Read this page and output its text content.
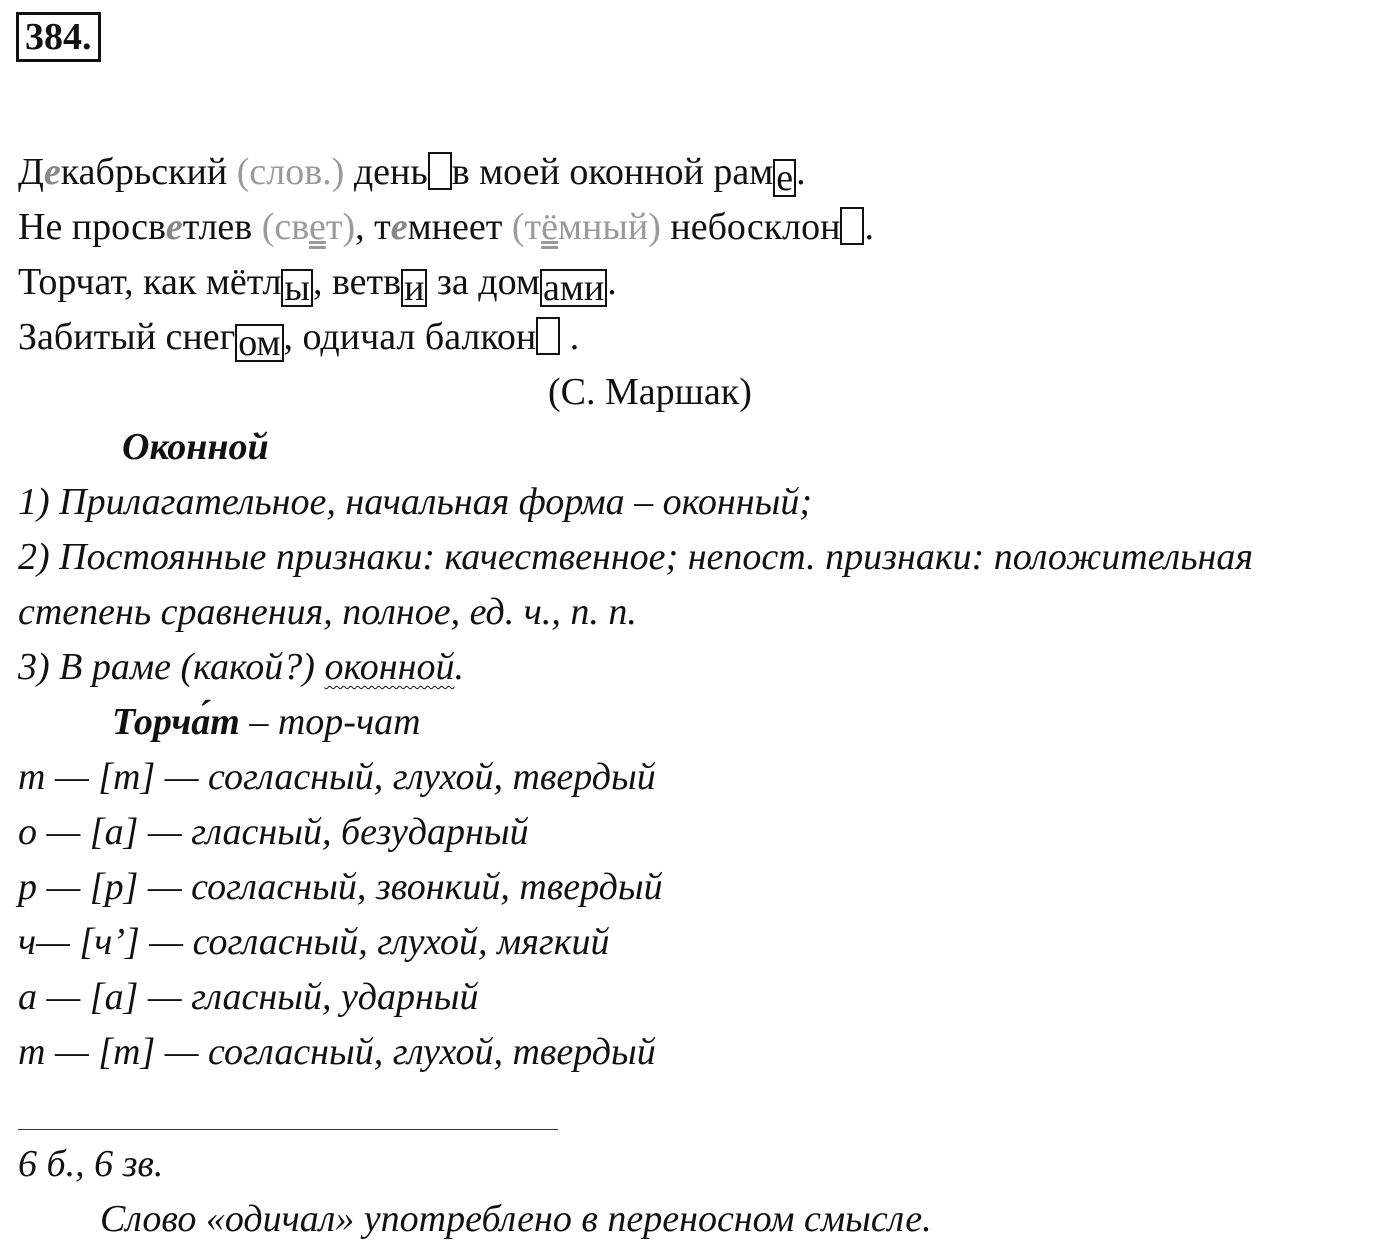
384.
Декабрьский (слов.) день в моей оконной раме.
Не просветлев (свет), темнеет (тёмный) небосклон .
Торчат, как мётлы, ветви за домами.
Забитый снегом, одичал балкон .
(С. Маршак)
Оконной
1) Прилагательное, начальная форма – оконный;
2) Постоянные признаки: качественное; непост. признаки: положительная
степень сравнения, полное, ед. ч., п. п.
3) В раме (какой?) оконной.
Торчат – тор-чат
т — [т] — согласный, глухой, твердый
о — [а] — гласный, безударный
р — [р] — согласный, звонкий, твердый
ч— [ч’] — согласный, глухой, мягкий
а — [а] — гласный, ударный
т — [т] — согласный, глухой, твердый
6 б., 6 зв.
Слово «одичал» употреблено в переносном смысле.
